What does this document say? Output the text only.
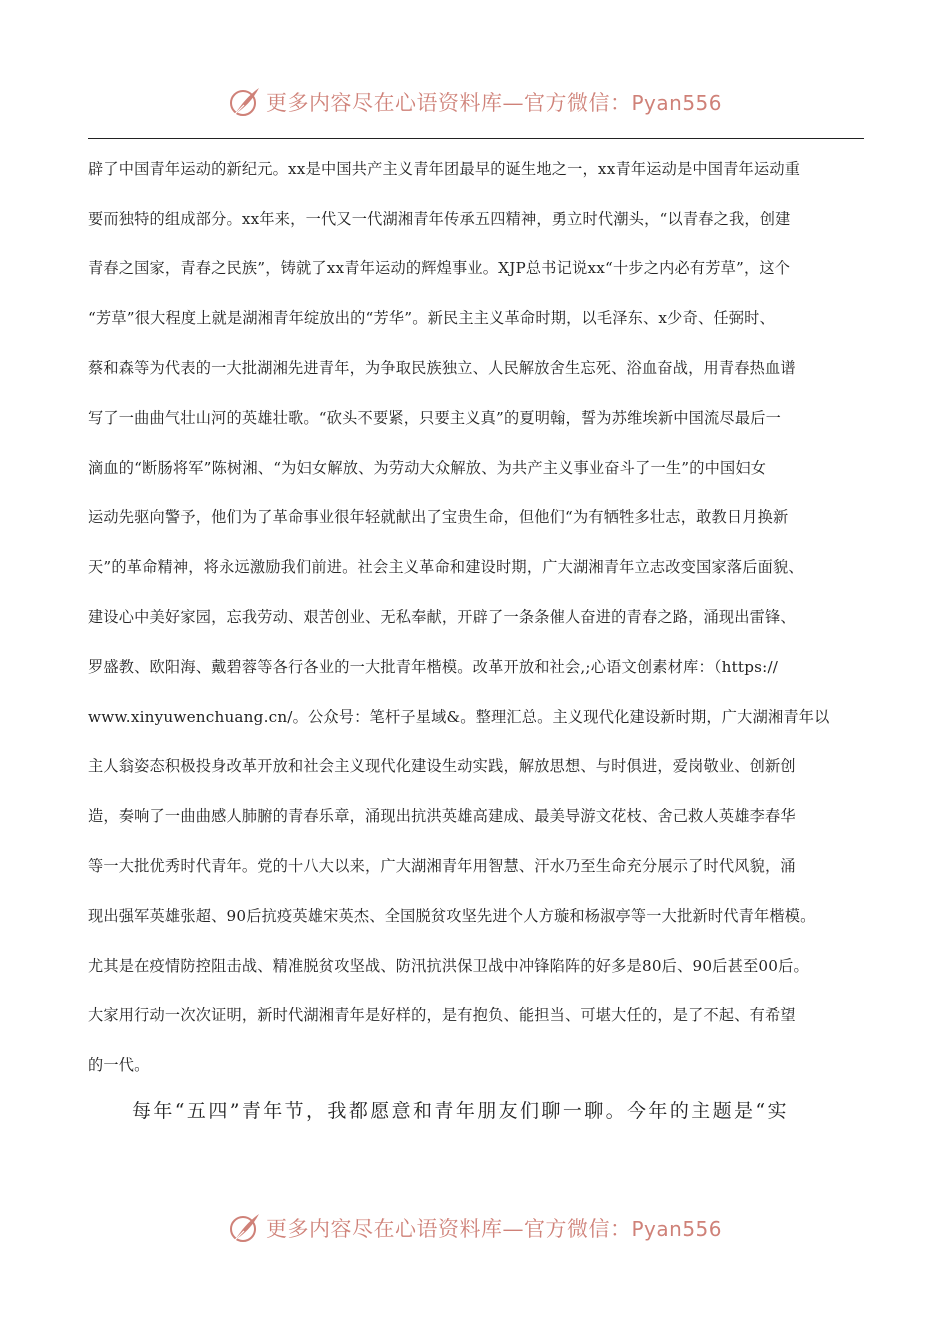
更多内容尽在心语资料库—官方微信：Pyan556
辟了中国青年运动的新纪元。xx是中国共产主义青年团最早的诞生地之一，xx青年运动是中国青年运动重
要而独特的组成部分。xx年来，一代又一代湖湘青年传承五四精神，勇立时代潮头，“以青春之我，创建
青春之国家，青春之民族”，铸就了xx青年运动的辉煌事业。XJP总书记说xx“十步之内必有芳草”，这个
“芳草”很大程度上就是湖湘青年绽放出的“芳华”。新民主主义革命时期，以毛泽东、x少奇、任弼时、
蔡和森等为代表的一大批湖湘先进青年，为争取民族独立、人民解放舍生忘死、浴血奋战，用青春热血谱
写了一曲曲气壮山河的英雄壮歌。“砍头不要紧，只要主义真”的夏明翰，誓为苏维埃新中国流尽最后一
滴血的“断肠将军”陈树湘、“为妇女解放、为劳动大众解放、为共产主义事业奋斗了一生”的中国妇女
运动先驱向警予，他们为了革命事业很年轻就献出了宝贵生命，但他们“为有牺牲多壮志，敢教日月换新
天”的革命精神，将永远激励我们前进。社会主义革命和建设时期，广大湖湘青年立志改变国家落后面貌、
建设心中美好家园，忘我劳动、艰苦创业、无私奉献，开辟了一条条催人奋进的青春之路，涌现出雷锋、
罗盛教、欧阳海、戴碧蓉等各行各业的一大批青年楷模。改革开放和社会,;心语文创素材库：（https://
www.xinyuwenchuang.cn/。公众号：笔杆子星域&。整理汇总。主义现代化建设新时期，广大湖湘青年以
主人翁姿态积极投身改革开放和社会主义现代化建设生动实践，解放思想、与时俱进，爱岗敬业、创新创
造，奏响了一曲曲感人肺腑的青春乐章，涌现出抗洪英雄高建成、最美导游文花枝、舍己救人英雄李春华
等一大批优秀时代青年。党的十八大以来，广大湖湘青年用智慧、汗水乃至生命充分展示了时代风貌，涌
现出强军英雄张超、90后抗疫英雄宋英杰、全国脱贫攻坚先进个人方璇和杨淑亭等一大批新时代青年楷模。
尤其是在疫情防控阻击战、精准脱贫攻坚战、防汛抗洪保卫战中冲锋陷阵的好多是80后、90后甚至00后。
大家用行动一次次证明，新时代湖湘青年是好样的，是有抱负、能担当、可堪大任的，是了不起、有希望
的一代。
每年“五四”青年节，我都愿意和青年朋友们聊一聊。今年的主题是“实
更多内容尽在心语资料库—官方微信：Pyan556
